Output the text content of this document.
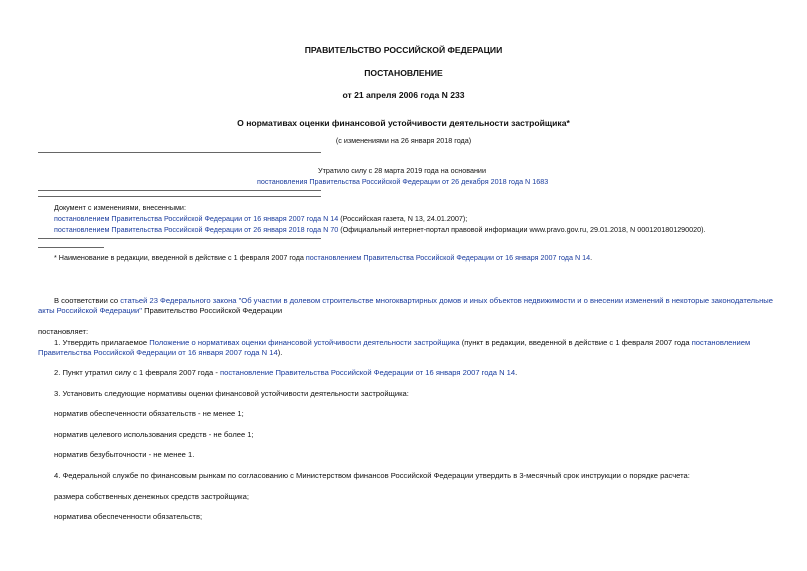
ПРАВИТЕЛЬСТВО РОССИЙСКОЙ ФЕДЕРАЦИИ
ПОСТАНОВЛЕНИЕ
от 21 апреля 2006 года N 233
О нормативах оценки финансовой устойчивости деятельности застройщика*
(с изменениями на 26 января 2018 года)
Утратило силу с 28 марта 2019 года на основании
постановления Правительства Российской Федерации от 26 декабря 2018 года N 1683
Документ с изменениями, внесенными:
постановлением Правительства Российской Федерации от 16 января 2007 года N 14 (Российская газета, N 13, 24.01.2007);
постановлением Правительства Российской Федерации от 26 января 2018 года N 70 (Официальный интернет-портал правовой информации www.pravo.gov.ru, 29.01.2018, N 0001201801290020).
* Наименование в редакции, введенной в действие с 1 февраля 2007 года постановлением Правительства Российской Федерации от 16 января 2007 года N 14.
В соответствии со статьей 23 Федерального закона "Об участии в долевом строительстве многоквартирных домов и иных объектов недвижимости и о внесении изменений в некоторые законодательные акты Российской Федерации" Правительство Российской Федерации
постановляет:
1. Утвердить прилагаемое Положение о нормативах оценки финансовой устойчивости деятельности застройщика (пункт в редакции, введенной в действие с 1 февраля 2007 года постановлением Правительства Российской Федерации от 16 января 2007 года N 14).
2. Пункт утратил силу с 1 февраля 2007 года - постановление Правительства Российской Федерации от 16 января 2007 года N 14.
3. Установить следующие нормативы оценки финансовой устойчивости деятельности застройщика:
норматив обеспеченности обязательств - не менее 1;
норматив целевого использования средств - не более 1;
норматив безубыточности - не менее 1.
4. Федеральной службе по финансовым рынкам по согласованию с Министерством финансов Российской Федерации утвердить в 3-месячный срок инструкции о порядке расчета:
размера собственных денежных средств застройщика;
норматива обеспеченности обязательств;
